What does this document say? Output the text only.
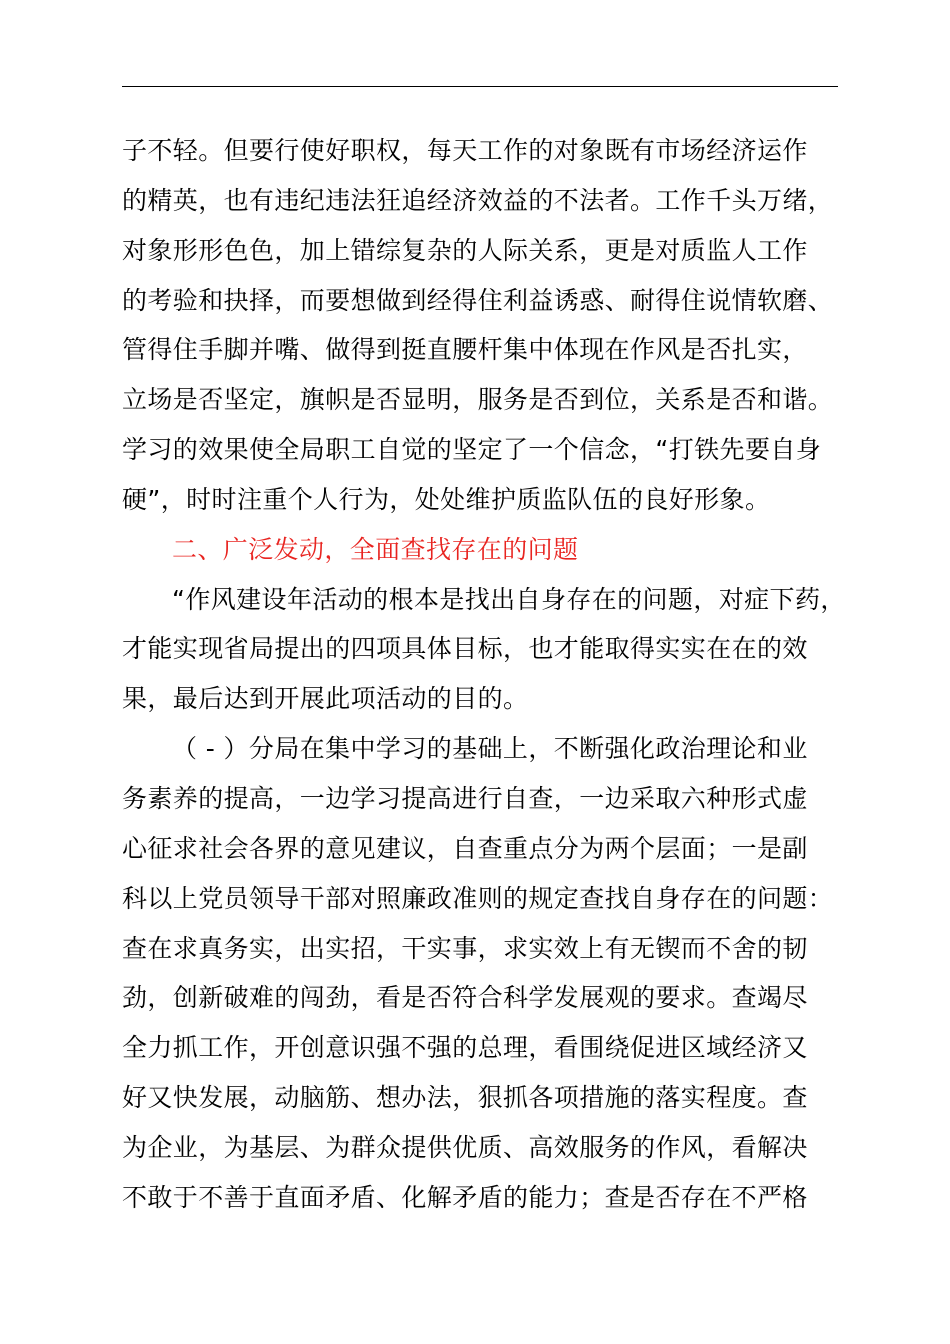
子不轻。但要行使好职权，每天工作的对象既有市场经济运作
的精英，也有违纪违法狂追经济效益的不法者。工作千头万绪，
对象形形色色，加上错综复杂的人际关系，更是对质监人工作
的考验和抉择，而要想做到经得住利益诱惑、耐得住说情软磨、
管得住手脚并嘴、做得到挺直腰杆集中体现在作风是否扎实，
立场是否坚定，旗帜是否显明，服务是否到位，关系是否和谐。
学习的效果使全局职工自觉的坚定了一个信念，“打铁先要自身
硬”，时时注重个人行为，处处维护质监队伍的良好形象。
二、广泛发动，全面查找存在的问题
“作风建设年活动的根本是找出自身存在的问题，对症下药，
才能实现省局提出的四项具体目标，也才能取得实实在在的效
果，最后达到开展此项活动的目的。
（ - ）分局在集中学习的基础上，不断强化政治理论和业
务素养的提高，一边学习提高进行自查，一边采取六种形式虚
心征求社会各界的意见建议，自查重点分为两个层面；一是副
科以上党员领导干部对照廉政准则的规定查找自身存在的问题：
查在求真务实，出实招，干实事，求实效上有无锲而不舍的韧
劲，创新破难的闯劲，看是否符合科学发展观的要求。查竭尽
全力抓工作，开创意识强不强的总理，看围绕促进区域经济又
好又快发展，动脑筋、想办法，狠抓各项措施的落实程度。查
为企业，为基层、为群众提供优质、高效服务的作风，看解决
不敢于不善于直面矛盾、化解矛盾的能力；查是否存在不严格
